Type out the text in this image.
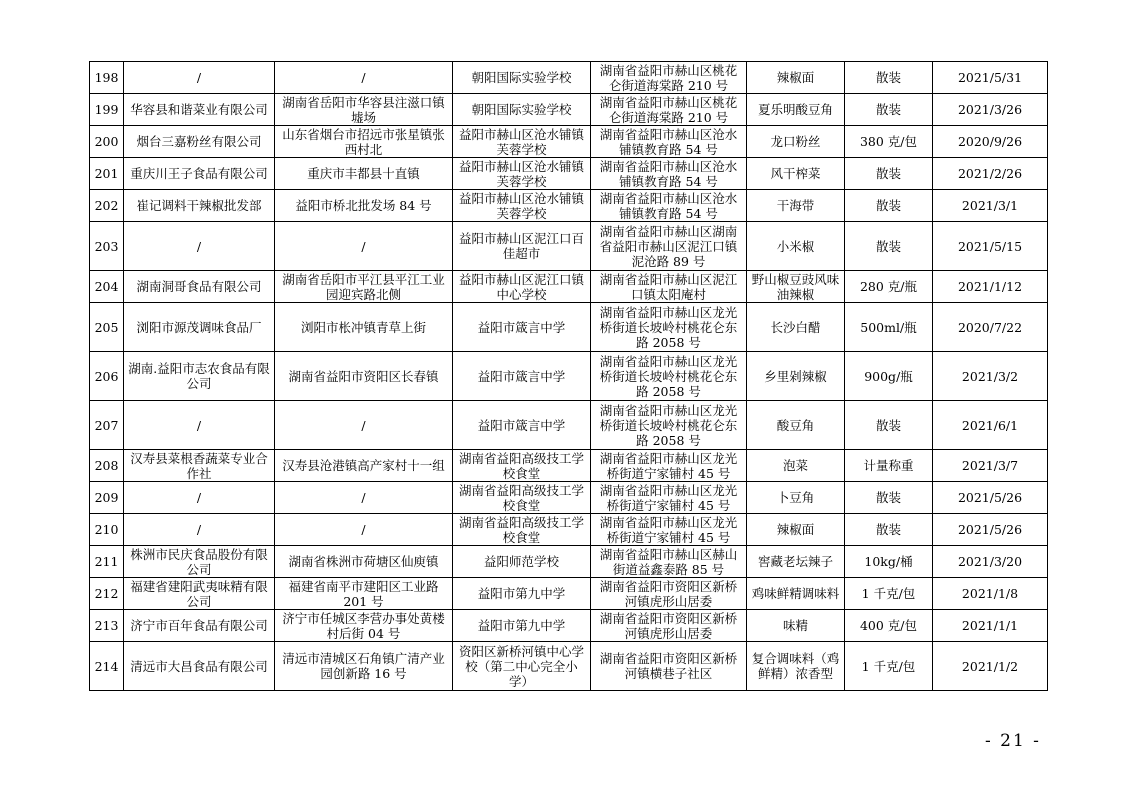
198	/	/	朝阳国际实验学校	湖南省益阳市赫山区桃花仑街道海棠路 210 号	辣椒面	散装	2021/5/31
199	华容县和谐菜业有限公司	湖南省岳阳市华容县注滋口镇墟场	朝阳国际实验学校	湖南省益阳市赫山区桃花仑街道海棠路 210 号	夏乐明酸豆角	散装	2021/3/26
200	烟台三嘉粉丝有限公司	山东省烟台市招远市张星镇张西村北	益阳市赫山区沧水铺镇芙蓉学校	湖南省益阳市赫山区沧水铺镇教育路 54 号	龙口粉丝	380 克/包	2020/9/26
201	重庆川王子食品有限公司	重庆市丰都县十直镇	益阳市赫山区沧水铺镇芙蓉学校	湖南省益阳市赫山区沧水铺镇教育路 54 号	风干榨菜	散装	2021/2/26
202	崔记调料干辣椒批发部	益阳市桥北批发场 84 号	益阳市赫山区沧水铺镇芙蓉学校	湖南省益阳市赫山区沧水铺镇教育路 54 号	干海带	散装	2021/3/1
203	/	/	益阳市赫山区泥江口百佳超市	湖南省益阳市赫山区湖南省益阳市赫山区泥江口镇泥沧路 89 号	小米椒	散装	2021/5/15
204	湖南洞哥食品有限公司	湖南省岳阳市平江县平江工业园迎宾路北侧	益阳市赫山区泥江口镇中心学校	湖南省益阳市赫山区泥江口镇太阳庵村	野山椒豆豉风味油辣椒	280 克/瓶	2021/1/12
205	浏阳市源茂调味食品厂	浏阳市枨冲镇青草上街	益阳市箴言中学	湖南省益阳市赫山区龙光桥街道长坡岭村桃花仑东路 2058 号	长沙白醋	500ml/瓶	2020/7/22
206	湖南.益阳市志农食品有限公司	湖南省益阳市资阳区长春镇	益阳市箴言中学	湖南省益阳市赫山区龙光桥街道长坡岭村桃花仑东路 2058 号	乡里剁辣椒	900g/瓶	2021/3/2
207	/	/	益阳市箴言中学	湖南省益阳市赫山区龙光桥街道长坡岭村桃花仑东路 2058 号	酸豆角	散装	2021/6/1
208	汉寿县菜根香蔬菜专业合作社	汉寿县沧港镇高产家村十一组	湖南省益阳高级技工学校食堂	湖南省益阳市赫山区龙光桥街道宁家铺村 45 号	泡菜	计量称重	2021/3/7
209	/	/	湖南省益阳高级技工学校食堂	湖南省益阳市赫山区龙光桥街道宁家铺村 45 号	卜豆角	散装	2021/5/26
210	/	/	湖南省益阳高级技工学校食堂	湖南省益阳市赫山区龙光桥街道宁家铺村 45 号	辣椒面	散装	2021/5/26
211	株洲市民庆食品股份有限公司	湖南省株洲市荷塘区仙庾镇	益阳师范学校	湖南省益阳市赫山区赫山街道益鑫泰路 85 号	窖藏老坛辣子	10kg/桶	2021/3/20
212	福建省建阳武夷味精有限公司	福建省南平市建阳区工业路 201 号	益阳市第九中学	湖南省益阳市资阳区新桥河镇虎形山居委	鸡味鲜精调味料	1 千克/包	2021/1/8
213	济宁市百年食品有限公司	济宁市任城区李营办事处黄楼村后街 04 号	益阳市第九中学	湖南省益阳市资阳区新桥河镇虎形山居委	味精	400 克/包	2021/1/1
214	清远市大昌食品有限公司	清远市清城区石角镇广清产业园创新路 16 号	资阳区新桥河镇中心学校（第二中心完全小学）	湖南省益阳市资阳区新桥河镇横巷子社区	复合调味料（鸡鲜精）浓香型	1 千克/包	2021/1/2
- 21 -
